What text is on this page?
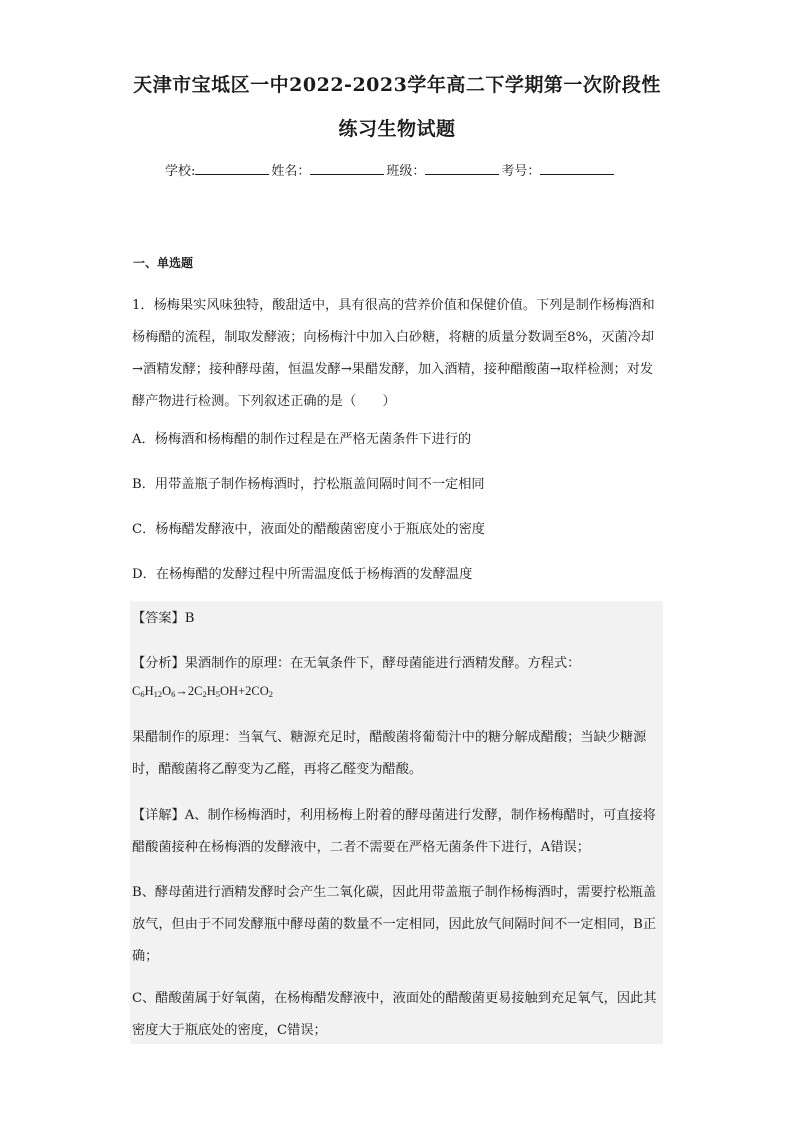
天津市宝坻区一中2022-2023学年高二下学期第一次阶段性
练习生物试题
学校:	姓名：	班级：	考号：
一、单选题
1．杨梅果实风味独特，酸甜适中，具有很高的营养价值和保健价值。下列是制作杨梅酒和杨梅醋的流程，制取发酵液；向杨梅汁中加入白砂糖，将糖的质量分数调至8%，灭菌冷却→酒精发酵；接种酵母菌，恒温发酵→果醋发酵，加入酒精，接种醋酸菌→取样检测；对发酵产物进行检测。下列叙述正确的是（　　）
A．杨梅酒和杨梅醋的制作过程是在严格无菌条件下进行的
B．用带盖瓶子制作杨梅酒时，拧松瓶盖间隔时间不一定相同
C．杨梅醋发酵液中，液面处的醋酸菌密度小于瓶底处的密度
D．在杨梅醋的发酵过程中所需温度低于杨梅酒的发酵温度
【答案】B
【分析】果酒制作的原理：在无氧条件下，酵母菌能进行酒精发酵。方程式：
$C_6H_{12}O_6\to 2C_2H_5OH+2CO_2$
果醋制作的原理：当氧气、糖源充足时，醋酸菌将葡萄汁中的糖分解成醋酸；当缺少糖源时，醋酸菌将乙醇变为乙醛，再将乙醛变为醋酸。
【详解】A、制作杨梅酒时，利用杨梅上附着的酵母菌进行发酵，制作杨梅醋时，可直接将醋酸菌接种在杨梅酒的发酵液中，二者不需要在严格无菌条件下进行，A错误；
B、酵母菌进行酒精发酵时会产生二氧化碳，因此用带盖瓶子制作杨梅酒时，需要拧松瓶盖放气，但由于不同发酵瓶中酵母菌的数量不一定相同，因此放气间隔时间不一定相同，B正确；
C、醋酸菌属于好氧菌，在杨梅醋发酵液中，液面处的醋酸菌更易接触到充足氧气，因此其密度大于瓶底处的密度，C错误；
